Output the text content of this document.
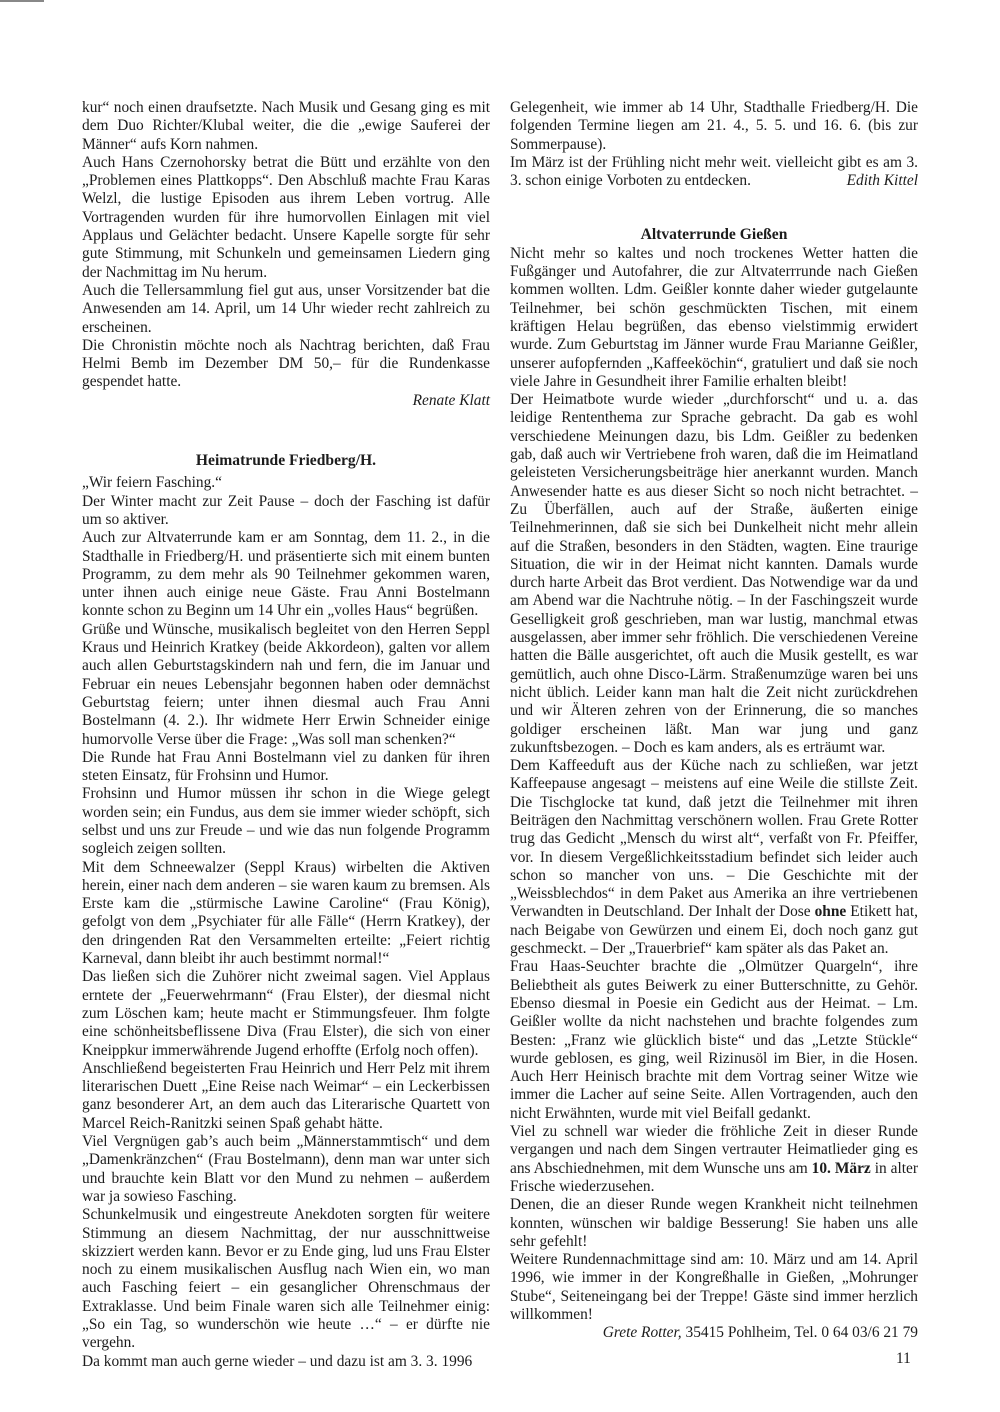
kur“ noch einen draufsetzte. Nach Musik und Gesang ging es mit dem Duo Richter/Klubal weiter, die die „ewige Sauferei der Männer“ aufs Korn nahmen.

Auch Hans Czernohorsky betrat die Bütt und erzählte von den „Problemen eines Plattkopps“. Den Abschluß machte Frau Karas Welzl, die lustige Episoden aus ihrem Leben vortrug. Alle Vortragenden wurden für ihre humorvollen Einlagen mit viel Applaus und Gelächter bedacht. Unsere Kapelle sorgte für sehr gute Stimmung, mit Schunkeln und gemeinsamen Liedern ging der Nachmittag im Nu herum.

Auch die Tellersammlung fiel gut aus, unser Vorsitzender bat die Anwesenden am 14. April, um 14 Uhr wieder recht zahlreich zu erscheinen.

Die Chronistin möchte noch als Nachtrag berichten, daß Frau Helmi Bemb im Dezember DM 50,– für die Rundenkasse gespendet hatte.

Renate Klatt

Heimatrunde Friedberg/H.

„Wir feiern Fasching.“

Der Winter macht zur Zeit Pause – doch der Fasching ist dafür um so aktiver.

Auch zur Altvaterrunde kam er am Sonntag, dem 11. 2., in die Stadthalle in Friedberg/H. und präsentierte sich mit einem bunten Programm, zu dem mehr als 90 Teilnehmer gekommen waren, unter ihnen auch einige neue Gäste. Frau Anni Bostelmann konnte schon zu Beginn um 14 Uhr ein „volles Haus“ begrüßen.

Grüße und Wünsche, musikalisch begleitet von den Herren Seppl Kraus und Heinrich Kratkey (beide Akkordeon), galten vor allem auch allen Geburtstagskindern nah und fern, die im Januar und Februar ein neues Lebensjahr begonnen haben oder demnächst Geburtstag feiern; unter ihnen diesmal auch Frau Anni Bostelmann (4. 2.). Ihr widmete Herr Erwin Schneider einige humorvolle Verse über die Frage: „Was soll man schenken?“

Die Runde hat Frau Anni Bostelmann viel zu danken für ihren steten Einsatz, für Frohsinn und Humor.

Frohsinn und Humor müssen ihr schon in die Wiege gelegt worden sein; ein Fundus, aus dem sie immer wieder schöpft, sich selbst und uns zur Freude – und wie das nun folgende Programm sogleich zeigen sollten.

Mit dem Schneewalzer (Seppl Kraus) wirbelten die Aktiven herein, einer nach dem anderen – sie waren kaum zu bremsen. Als Erste kam die „stürmische Lawine Caroline“ (Frau König), gefolgt von dem „Psychiater für alle Fälle“ (Herrn Kratkey), der den dringenden Rat den Versammelten erteilte: „Feiert richtig Karneval, dann bleibt ihr auch bestimmt normal!“

Das ließen sich die Zuhörer nicht zweimal sagen. Viel Applaus erntete der „Feuerwehrmann“ (Frau Elster), der diesmal nicht zum Löschen kam; heute macht er Stimmungsfeuer. Ihm folgte eine schönheitsbeflissene Diva (Frau Elster), die sich von einer Kneippkur immerwährende Jugend erhoffte (Erfolg noch offen).

Anschließend begeisterten Frau Heinrich und Herr Pelz mit ihrem literarischen Duett „Eine Reise nach Weimar“ – ein Leckerbissen ganz besonderer Art, an dem auch das Literarische Quartett von Marcel Reich-Ranitzki seinen Spaß gehabt hätte.

Viel Vergnügen gab’s auch beim „Männerstammtisch“ und dem „Damenkränzchen“ (Frau Bostelmann), denn man war unter sich und brauchte kein Blatt vor den Mund zu nehmen – außerdem war ja sowieso Fasching.

Schunkelmusik und eingestreute Anekdoten sorgten für weitere Stimmung an diesem Nachmittag, der nur ausschnittweise skizziert werden kann. Bevor er zu Ende ging, lud uns Frau Elster noch zu einem musikalischen Ausflug nach Wien ein, wo man auch Fasching feiert – ein gesanglicher Ohrenschmaus der Extraklasse. Und beim Finale waren sich alle Teilnehmer einig: „So ein Tag, so wunderschön wie heute …“ – er dürfte nie vergehn.

Da kommt man auch gerne wieder – und dazu ist am 3. 3. 1996

Gelegenheit, wie immer ab 14 Uhr, Stadthalle Friedberg/H. Die folgenden Termine liegen am 21. 4., 5. 5. und 16. 6. (bis zur Sommerpause).

Im März ist der Frühling nicht mehr weit. vielleicht gibt es am 3. 3. schon einige Vorboten zu entdecken.	Edith Kittel

Altvaterrunde Gießen

Nicht mehr so kaltes und noch trockenes Wetter hatten die Fußgänger und Autofahrer, die zur Altvaterrrunde nach Gießen kommen wollten. Ldm. Geißler konnte daher wieder gutgelaunte Teilnehmer, bei schön geschmückten Tischen, mit einem kräftigen Helau begrüßen, das ebenso vielstimmig erwidert wurde. Zum Geburtstag im Jänner wurde Frau Marianne Geißler, unserer aufopfernden „Kaffeeköchin“, gratuliert und daß sie noch viele Jahre in Gesundheit ihrer Familie erhalten bleibt!

Der Heimatbote wurde wieder „durchforscht“ und u. a. das leidige Rententhema zur Sprache gebracht. Da gab es wohl verschiedene Meinungen dazu, bis Ldm. Geißler zu bedenken gab, daß auch wir Vertriebene froh waren, daß die im Heimatland geleisteten Versicherungsbeiträge hier anerkannt wurden. Manch Anwesender hatte es aus dieser Sicht so noch nicht betrachtet. – Zu Überfällen, auch auf der Straße, äußerten einige Teilnehmerinnen, daß sie sich bei Dunkelheit nicht mehr allein auf die Straßen, besonders in den Städten, wagten. Eine traurige Situation, die wir in der Heimat nicht kannten. Damals wurde durch harte Arbeit das Brot verdient. Das Notwendige war da und am Abend war die Nachtruhe nötig. – In der Faschingszeit wurde Geselligkeit groß geschrieben, man war lustig, manchmal etwas ausgelassen, aber immer sehr fröhlich. Die verschiedenen Vereine hatten die Bälle ausgerichtet, oft auch die Musik gestellt, es war gemütlich, auch ohne Disco-Lärm. Straßenumzüge waren bei uns nicht üblich. Leider kann man halt die Zeit nicht zurückdrehen und wir Älteren zehren von der Erinnerung, die so manches goldiger erscheinen läßt. Man war jung und ganz zukunftsbezogen. – Doch es kam anders, als es erträumt war.

Dem Kaffeeduft aus der Küche nach zu schließen, war jetzt Kaffeepause angesagt – meistens auf eine Weile die stillste Zeit. Die Tischglocke tat kund, daß jetzt die Teilnehmer mit ihren Beiträgen den Nachmittag verschönern wollen. Frau Grete Rotter trug das Gedicht „Mensch du wirst alt“, verfaßt von Fr. Pfeiffer, vor. In diesem Vergeßlichkeitsstadium befindet sich leider auch schon so mancher von uns. – Die Geschichte mit der „Weissblechdos“ in dem Paket aus Amerika an ihre vertriebenen Verwandten in Deutschland. Der Inhalt der Dose ohne Etikett hat, nach Beigabe von Gewürzen und einem Ei, doch noch ganz gut geschmeckt. – Der „Trauerbrief“ kam später als das Paket an.

Frau Haas-Seuchter brachte die „Olmützer Quargeln“, ihre Beliebtheit als gutes Beiwerk zu einer Butterschnitte, zu Gehör. Ebenso diesmal in Poesie ein Gedicht aus der Heimat. – Lm. Geißler wollte da nicht nachstehen und brachte folgendes zum Besten: „Franz wie glücklich biste“ und das „Letzte Stückle“ wurde geblosen, es ging, weil Rizinusöl im Bier, in die Hosen. Auch Herr Heinisch brachte mit dem Vortrag seiner Witze wie immer die Lacher auf seine Seite. Allen Vortragenden, auch den nicht Erwähnten, wurde mit viel Beifall gedankt.

Viel zu schnell war wieder die fröhliche Zeit in dieser Runde vergangen und nach dem Singen vertrauter Heimatlieder ging es ans Abschiednehmen, mit dem Wunsche uns am 10. März in alter Frische wiederzusehen.

Denen, die an dieser Runde wegen Krankheit nicht teilnehmen konnten, wünschen wir baldige Besserung! Sie haben uns alle sehr gefehlt!

Weitere Rundennachmittage sind am: 10. März und am 14. April 1996, wie immer in der Kongreßhalle in Gießen, „Mohrunger Stube“, Seiteneingang bei der Treppe! Gäste sind immer herzlich willkommen!

Grete Rotter, 35415 Pohlheim, Tel. 0 64 03/6 21 79

11
